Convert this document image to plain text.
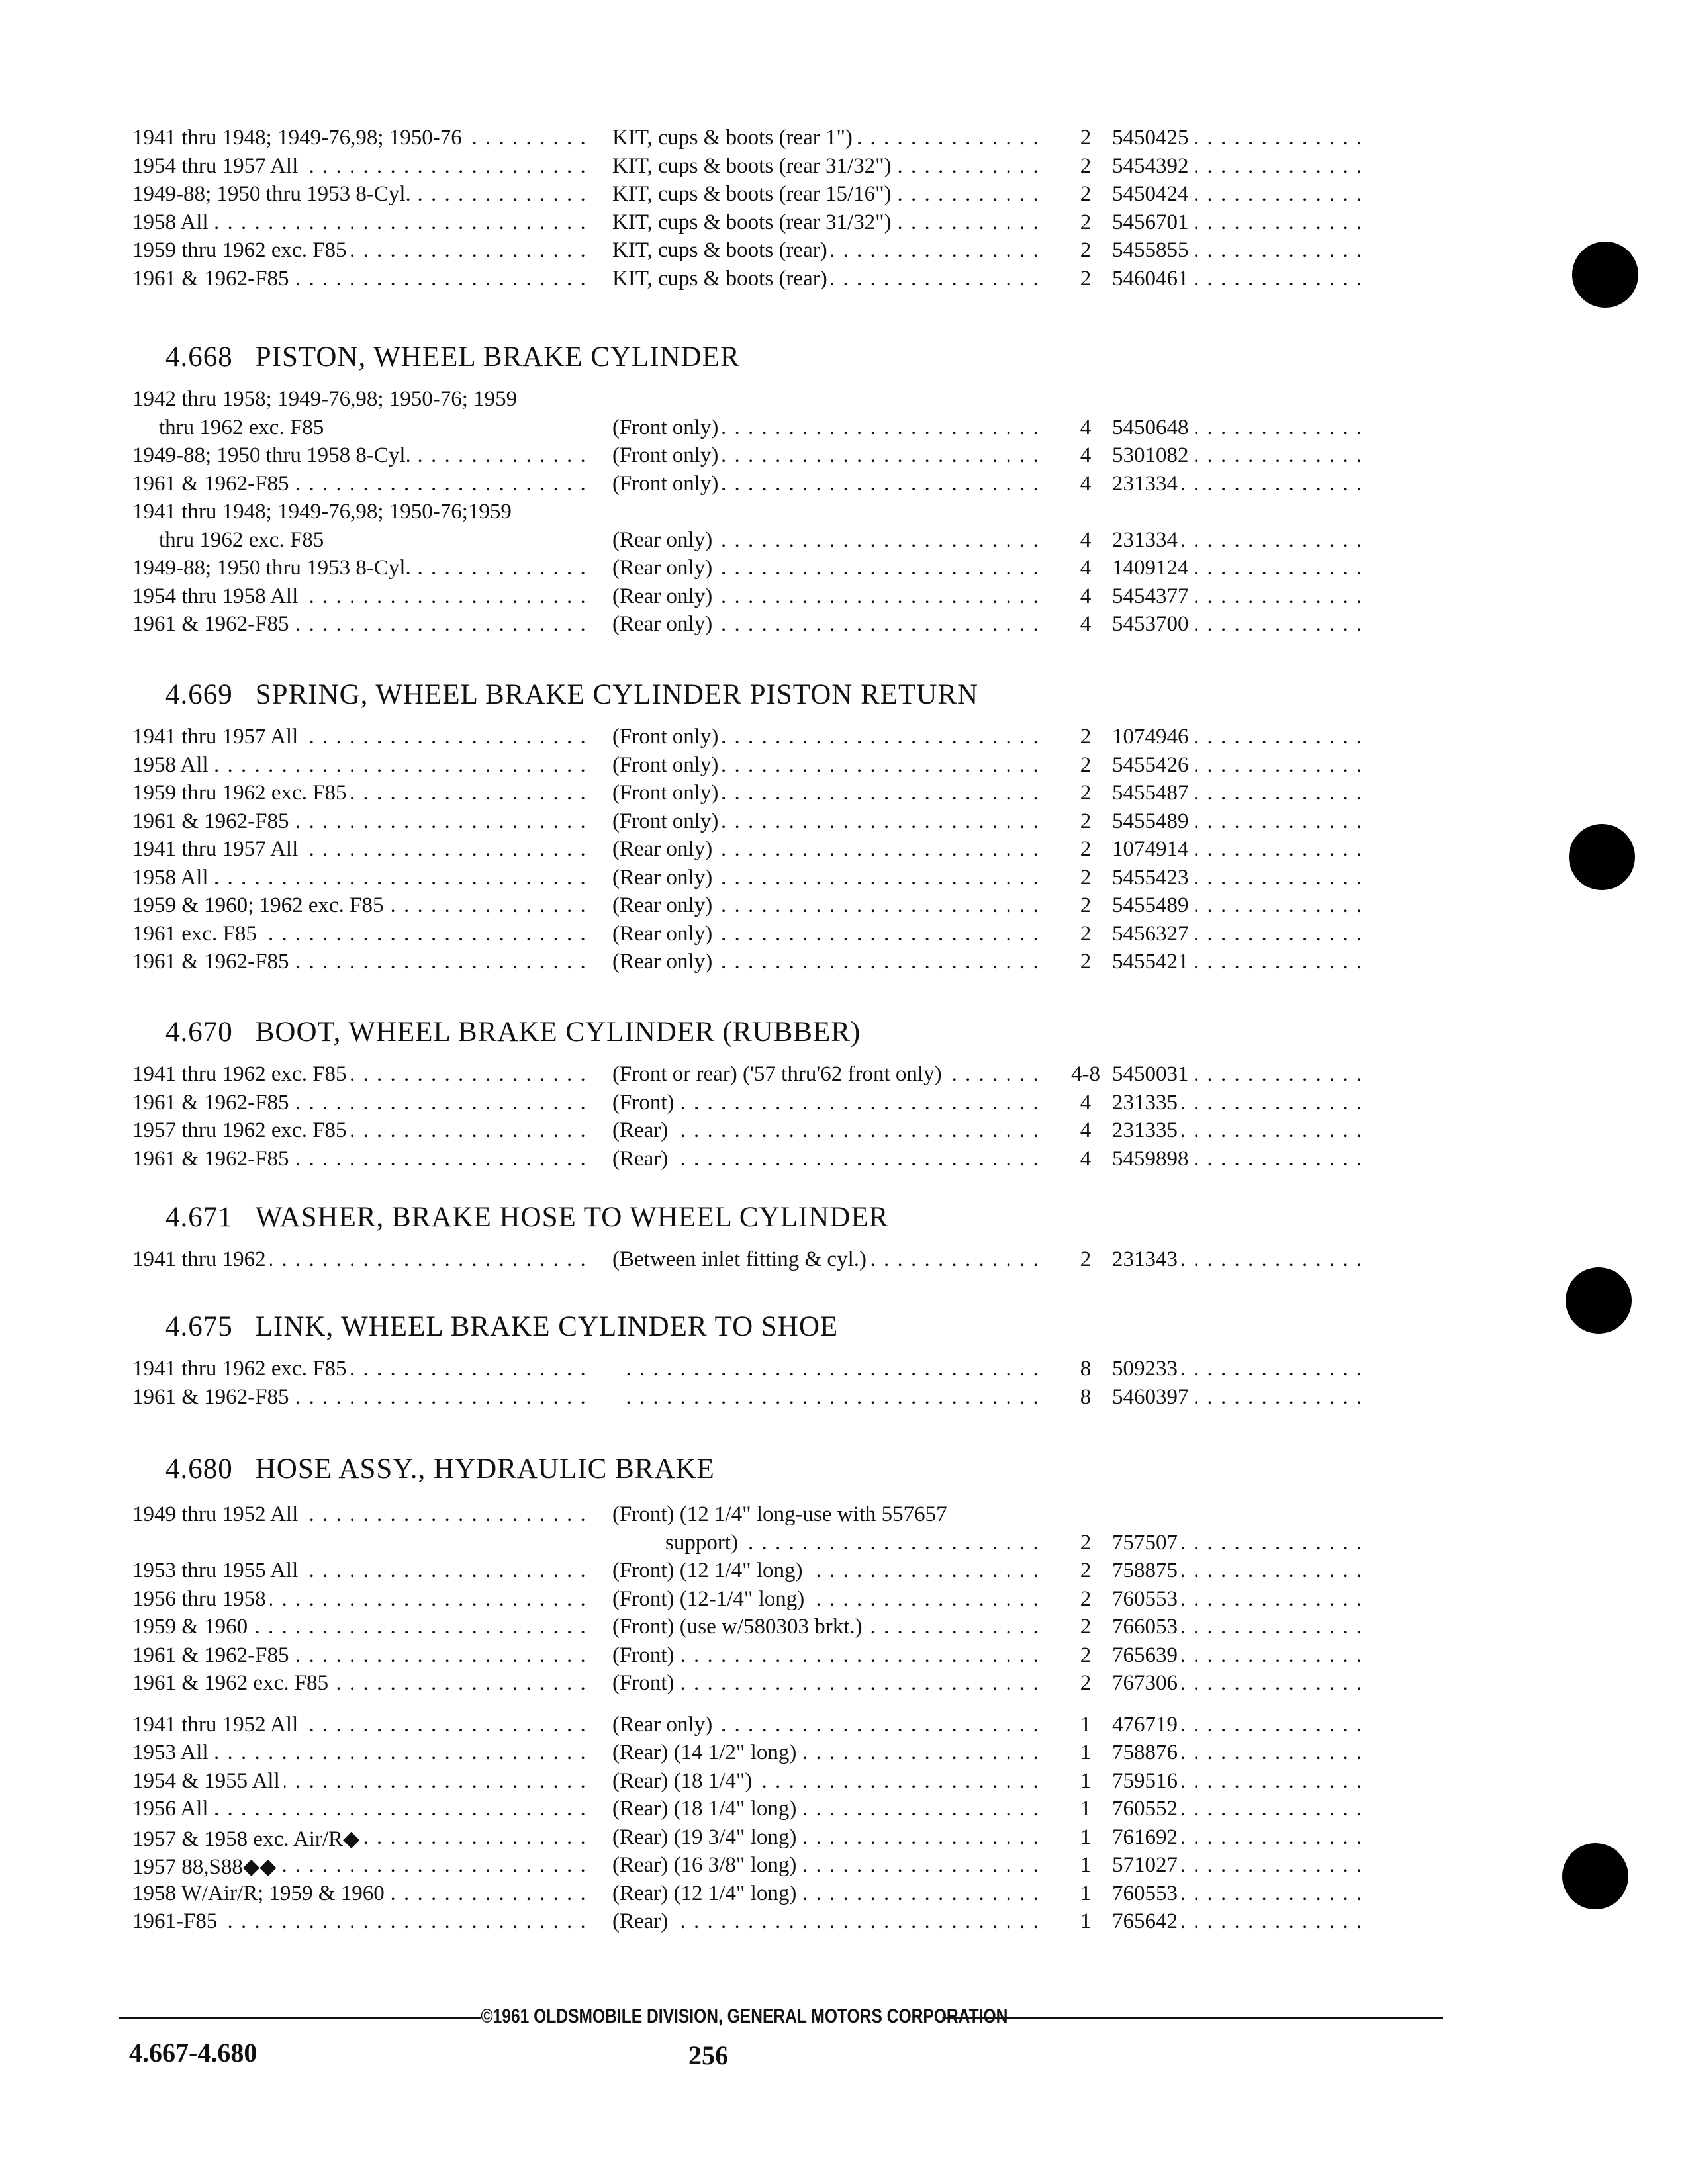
1941 thru 1948; 1949-76,98; 1950-76 . . .	KIT, cups & boots (rear 1") . . .	2 5450425 . . .
1954 thru 1957 All . . .	KIT, cups & boots (rear 31/32") . . .	2 5454392 . . .
1949-88; 1950 thru 1953 8-Cyl. . . .	KIT, cups & boots (rear 15/16") . . .	2 5450424 . . .
1958 All . . .	KIT, cups & boots (rear 31/32") . . .	2 5456701 . . .
1959 thru 1962 exc. F85 . . .	KIT, cups & boots (rear) . . .	2 5455855 . . .
1961 & 1962-F85 . . .	KIT, cups & boots (rear) . . .	2 5460461 . . .
4.668 PISTON, WHEEL BRAKE CYLINDER
1942 thru 1958; 1949-76,98; 1950-76; 1959
thru 1962 exc. F85	(Front only) . . .	4 5450648 . . .
1949-88; 1950 thru 1958 8-Cyl. . . .	(Front only) . . .	4 5301082 . . .
1961 & 1962-F85 . . .	(Front only) . . .	4 231334 . . .
1941 thru 1948; 1949-76,98; 1950-76;1959
thru 1962 exc. F85	(Rear only) . . .	4 231334 . . .
1949-88; 1950 thru 1953 8-Cyl. . . .	(Rear only) . . .	4 1409124 . . .
1954 thru 1958 All . . .	(Rear only) . . .	4 5454377 . . .
1961 & 1962-F85 . . .	(Rear only) . . .	4 5453700 . . .
4.669 SPRING, WHEEL BRAKE CYLINDER PISTON RETURN
1941 thru 1957 All . . .	(Front only) . . .	2 1074946 . . .
1958 All . . .	(Front only) . . .	2 5455426 . . .
1959 thru 1962 exc. F85 . . .	(Front only) . . .	2 5455487 . . .
1961 & 1962-F85 . . .	(Front only) . . .	2 5455489 . . .
1941 thru 1957 All . . .	(Rear only) . . .	2 1074914 . . .
1958 All . . .	(Rear only) . . .	2 5455423 . . .
1959 & 1960; 1962 exc. F85 . . .	(Rear only) . . .	2 5455489 . . .
1961 exc. F85 . . .	(Rear only) . . .	2 5456327 . . .
1961 & 1962-F85 . . .	(Rear only) . . .	2 5455421 . . .
4.670 BOOT, WHEEL BRAKE CYLINDER (RUBBER)
1941 thru 1962 exc. F85 . . .	(Front or rear) ('57 thru'62 front only) . . .	4-8 5450031 . . .
1961 & 1962-F85 . . .	(Front) . . .	4 231335 . . .
1957 thru 1962 exc. F85 . . .	(Rear) . . .	4 231335 . . .
1961 & 1962-F85 . . .	(Rear) . . .	4 5459898 . . .
4.671 WASHER, BRAKE HOSE TO WHEEL CYLINDER
1941 thru 1962 . . .	(Between inlet fitting & cyl.) . . .	2 231343 . . .
4.675 LINK, WHEEL BRAKE CYLINDER TO SHOE
1941 thru 1962 exc. F85 . . . . . .	8 509233 . . .
1961 & 1962-F85 . . . . . .	8 5460397 . . .
4.680 HOSE ASSY., HYDRAULIC BRAKE
1949 thru 1952 All . . .	(Front) (12 1/4" long-use with 557657
support) . . .	2 757507 . . .
1953 thru 1955 All . . .	(Front) (12 1/4" long) . . .	2 758875 . . .
1956 thru 1958 . . .	(Front) (12-1/4" long) . . .	2 760553 . . .
1959 & 1960 . . .	(Front) (use w/580303 brkt.) . . .	2 766053 . . .
1961 & 1962-F85 . . .	(Front) . . .	2 765639 . . .
1961 & 1962 exc. F85 . . .	(Front) . . .	2 767306 . . .
1941 thru 1952 All . . .	(Rear only) . . .	1 476719 . . .
1953 All . . .	(Rear) (14 1/2" long) . . .	1 758876 . . .
1954 & 1955 All . . .	(Rear) (18 1/4") . . .	1 759516 . . .
1956 All . . .	(Rear) (18 1/4" long) . . .	1 760552 . . .
1957 & 1958 exc. Air/R◆ . . .	(Rear) (19 3/4" long) . . .	1 761692 . . .
1957 88,S88◆◆ . . .	(Rear) (16 3/8" long) . . .	1 571027 . . .
1958 W/Air/R; 1959 & 1960 . . .	(Rear) (12 1/4" long) . . .	1 760553 . . .
1961-F85 . . .	(Rear) . . .	1 765642 . . .
©1961 OLDSMOBILE DIVISION, GENERAL MOTORS CORPORATION
4.667-4.680	256
